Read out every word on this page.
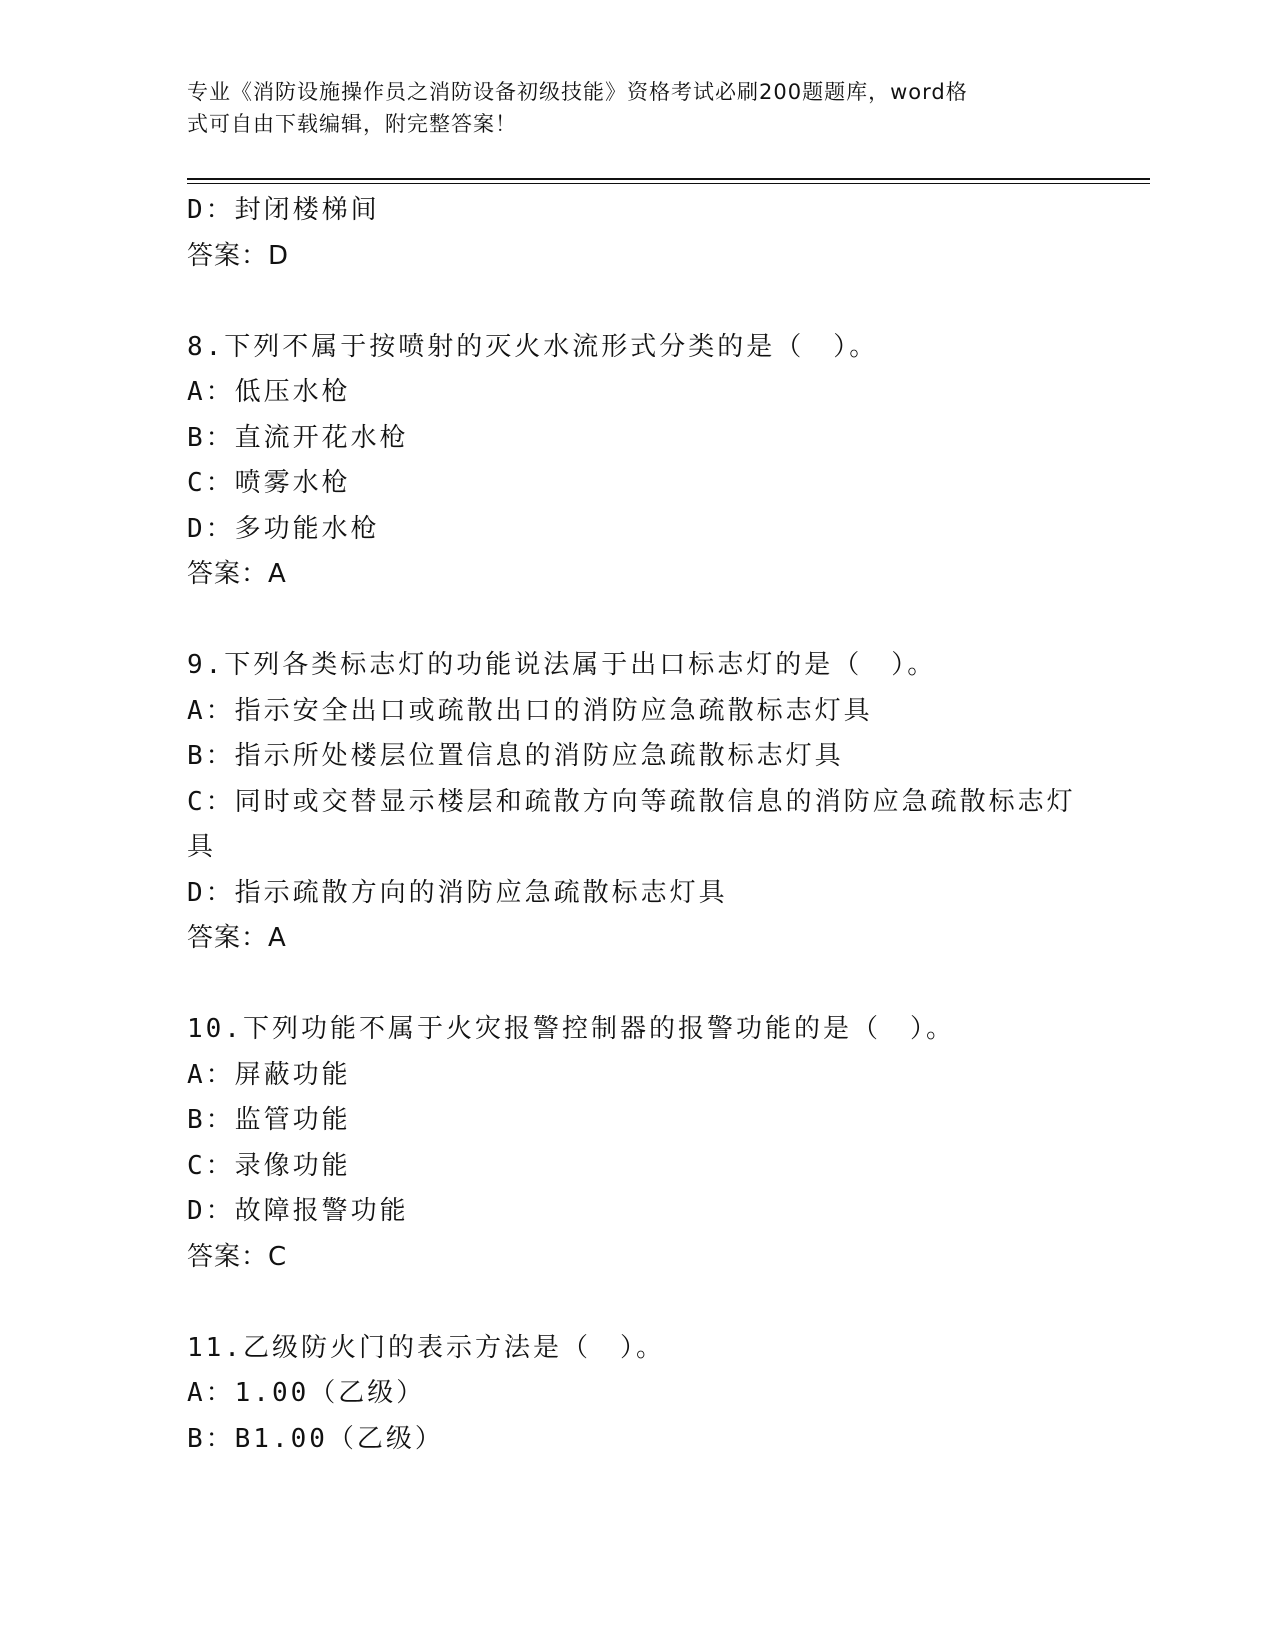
专业《消防设施操作员之消防设备初级技能》资格考试必刷200题题库，word格
式可自由下载编辑，附完整答案！
D：封闭楼梯间
答案：D
8.下列不属于按喷射的灭火水流形式分类的是（　）。
A：低压水枪
B：直流开花水枪
C：喷雾水枪
D：多功能水枪
答案：A
9.下列各类标志灯的功能说法属于出口标志灯的是（　）。
A：指示安全出口或疏散出口的消防应急疏散标志灯具
B：指示所处楼层位置信息的消防应急疏散标志灯具
C：同时或交替显示楼层和疏散方向等疏散信息的消防应急疏散标志灯具
D：指示疏散方向的消防应急疏散标志灯具
答案：A
10.下列功能不属于火灾报警控制器的报警功能的是（　）。
A：屏蔽功能
B：监管功能
C：录像功能
D：故障报警功能
答案：C
11.乙级防火门的表示方法是（　）。
A：1.00（乙级）
B：B1.00（乙级）
